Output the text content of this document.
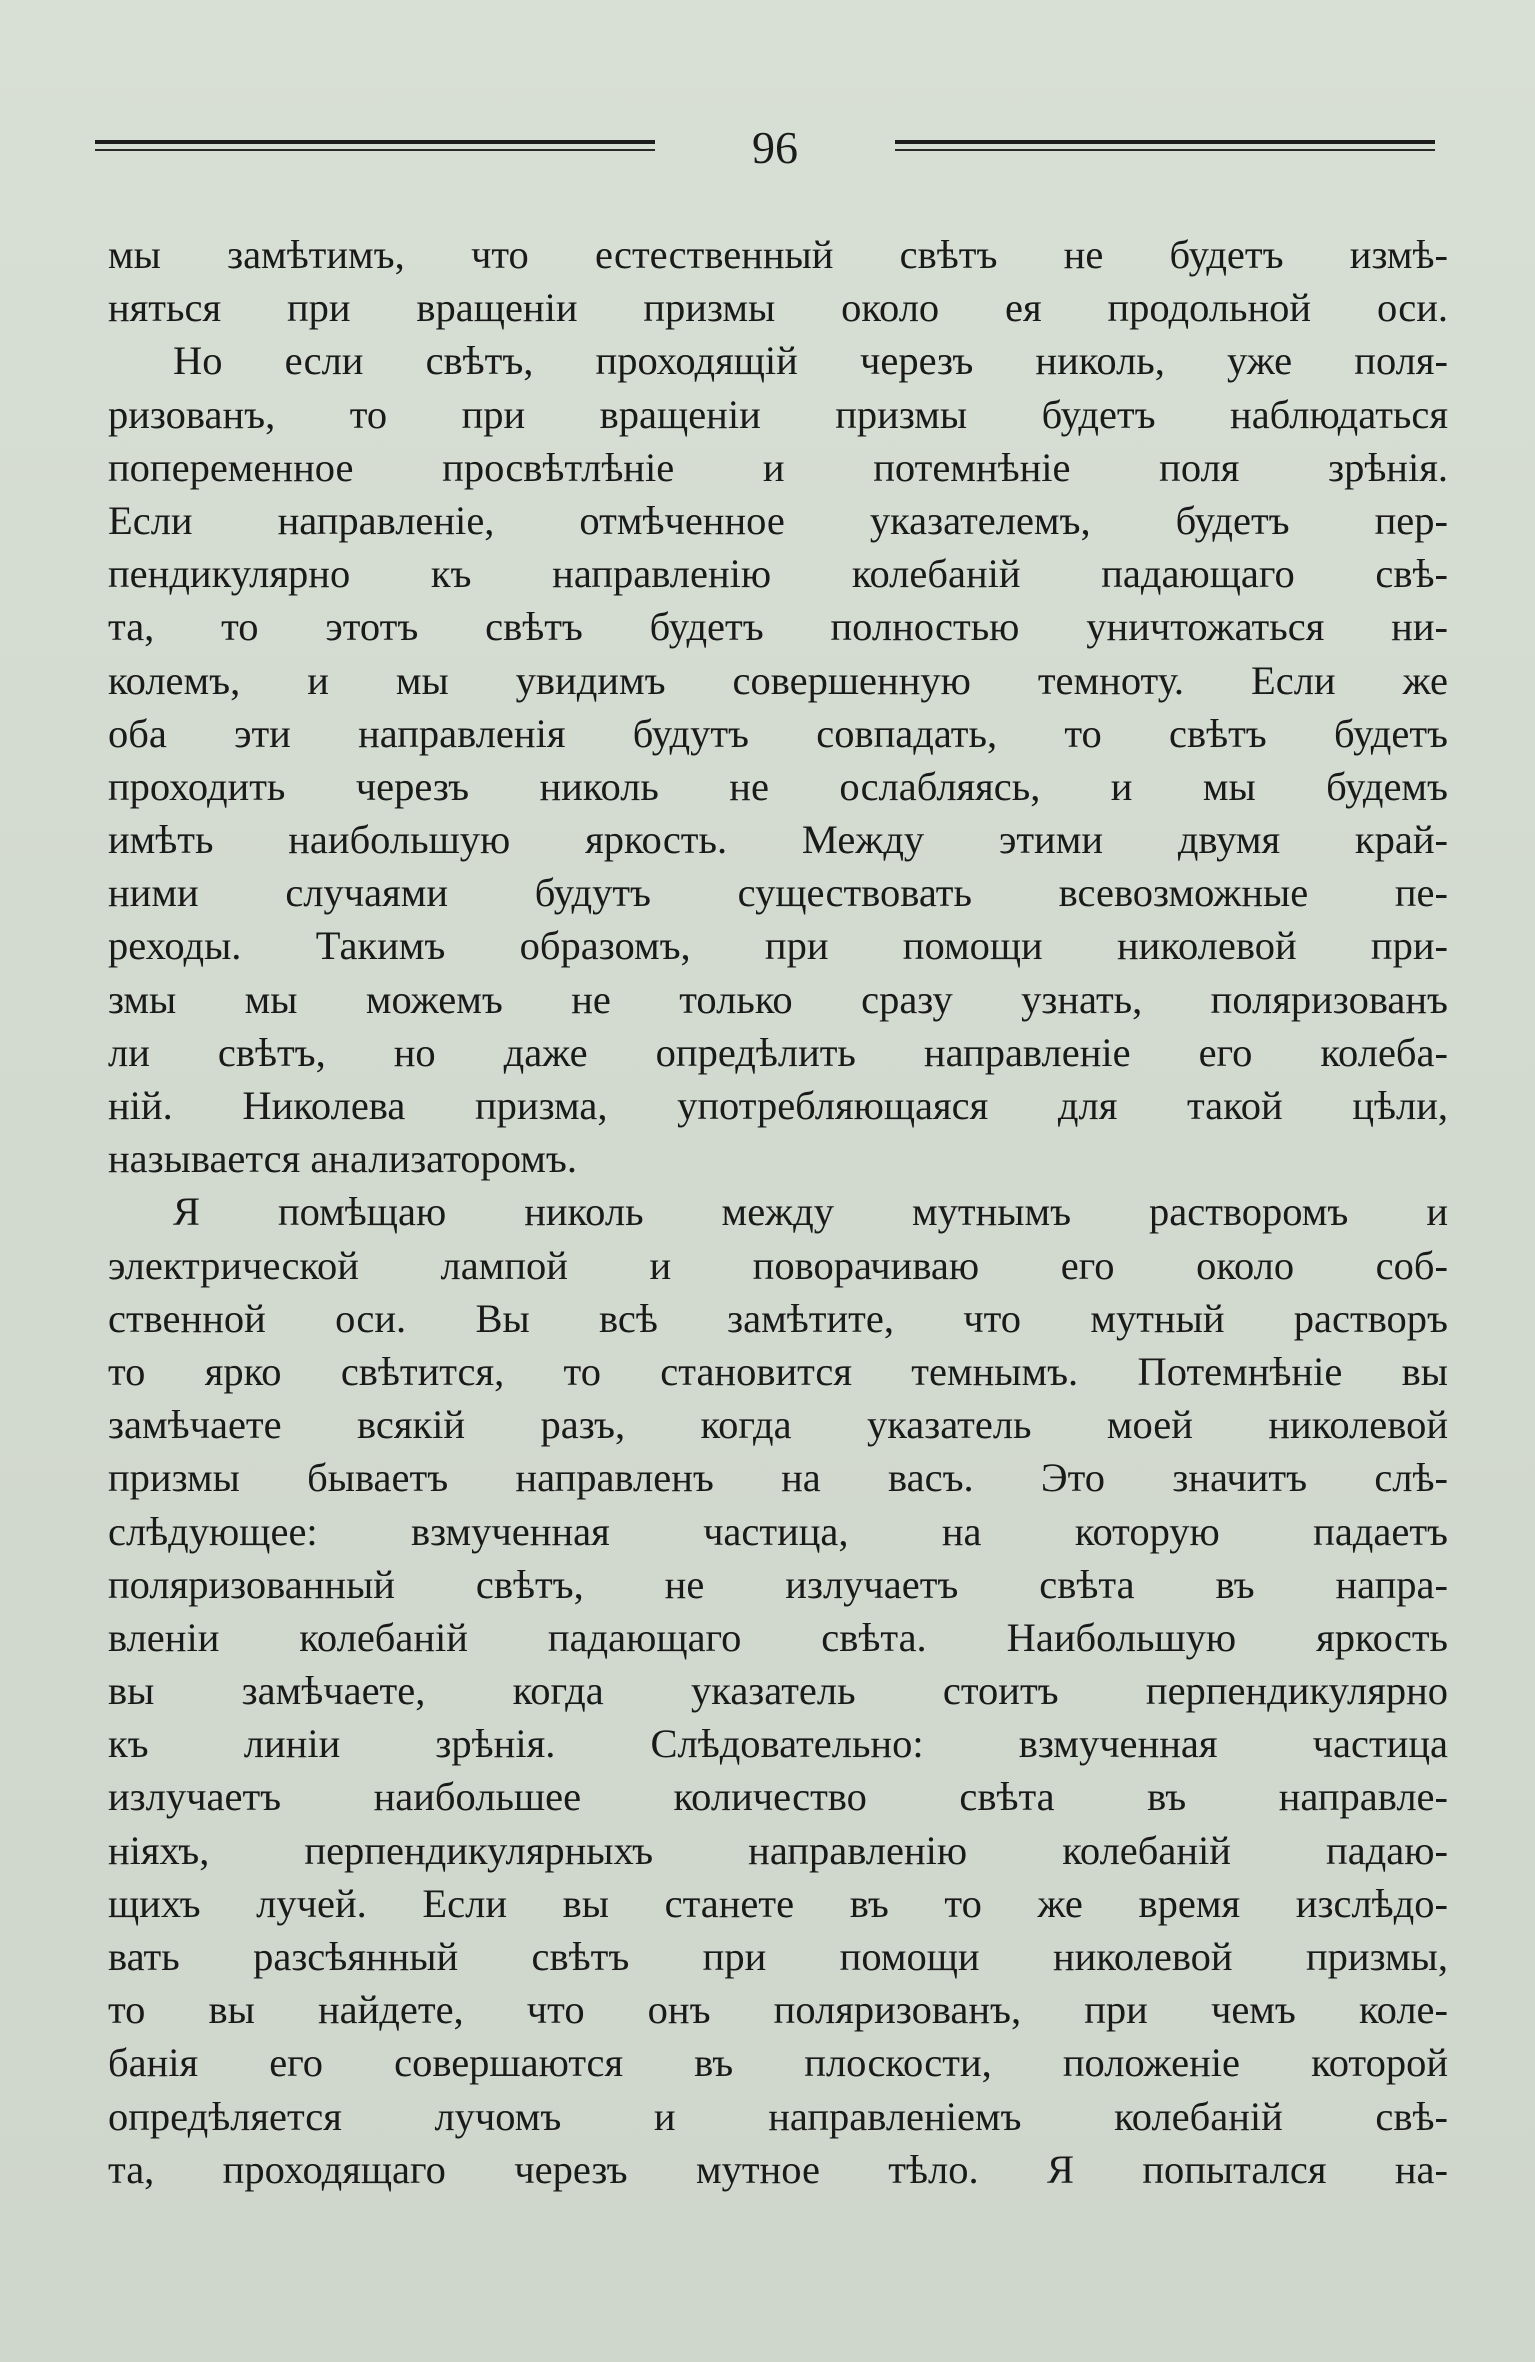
96
мы замѣтимъ, что естественный свѣтъ не будетъ измѣ-
няться при вращеніи призмы около ея продольной оси.
Но если свѣтъ, проходящій черезъ николь, уже поля-
ризованъ, то при вращеніи призмы будетъ наблюдаться
попеременное просвѣтлѣніе и потемнѣніе поля зрѣнія.
Если направленіе, отмѣченное указателемъ, будетъ пер-
пендикулярно къ направленію колебаній падающаго свѣ-
та, то этотъ свѣтъ будетъ полностью уничтожаться ни-
колемъ, и мы увидимъ совершенную темноту. Если же
оба эти направленія будутъ совпадать, то свѣтъ будетъ
проходить черезъ николь не ослабляясь, и мы будемъ
имѣть наибольшую яркость. Между этими двумя край-
ними случаями будутъ существовать всевозможные пе-
реходы. Такимъ образомъ, при помощи николевой при-
змы мы можемъ не только сразу узнать, поляризованъ
ли свѣтъ, но даже опредѣлить направленіе его колеба-
ній. Николева призма, употребляющаяся для такой цѣли,
называется анализаторомъ.
Я помѣщаю николь между мутнымъ растворомъ и
электрической лампой и поворачиваю его около соб-
ственной оси. Вы всѣ замѣтите, что мутный растворъ
то ярко свѣтится, то становится темнымъ. Потемнѣніе вы
замѣчаете всякій разъ, когда указатель моей николевой
призмы бываетъ направленъ на васъ. Это значитъ слѣ-
слѣдующее: взмученная частица, на которую падаетъ
поляризованный свѣтъ, не излучаетъ свѣта въ напра-
вленіи колебаній падающаго свѣта. Наибольшую яркость
вы замѣчаете, когда указатель стоитъ перпендикулярно
къ линіи зрѣнія. Слѣдовательно: взмученная частица
излучаетъ наибольшее количество свѣта въ направле-
ніяхъ, перпендикулярныхъ направленію колебаній падаю-
щихъ лучей. Если вы станете въ то же время изслѣдо-
вать разсѣянный свѣтъ при помощи николевой призмы,
то вы найдете, что онъ поляризованъ, при чемъ коле-
банія его совершаются въ плоскости, положеніе которой
опредѣляется лучомъ и направленіемъ колебаній свѣ-
та, проходящаго черезъ мутное тѣло. Я попытался на-
